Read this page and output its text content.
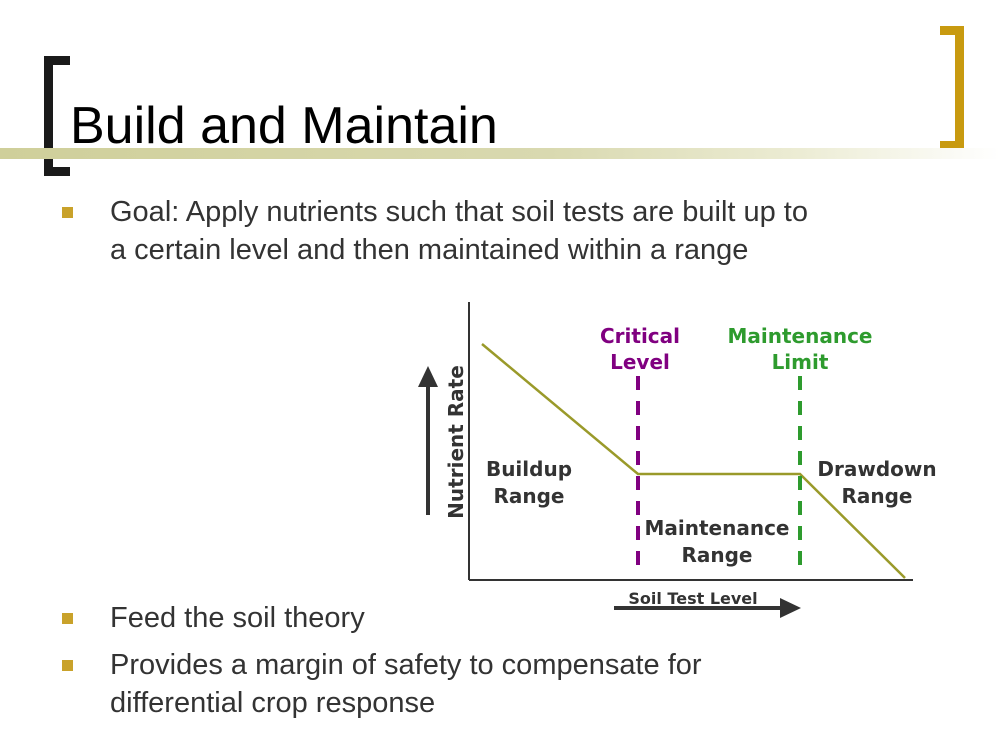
Build and Maintain
Goal: Apply nutrients such that soil tests are built up to
a certain level and then maintained within a range
Nutrient Rate
Soil Test Level
Critical
Level
Maintenance
Limit
Buildup
Range
Maintenance
Range
Drawdown
Range
Feed the soil theory
Provides a margin of safety to compensate for
differential crop response
